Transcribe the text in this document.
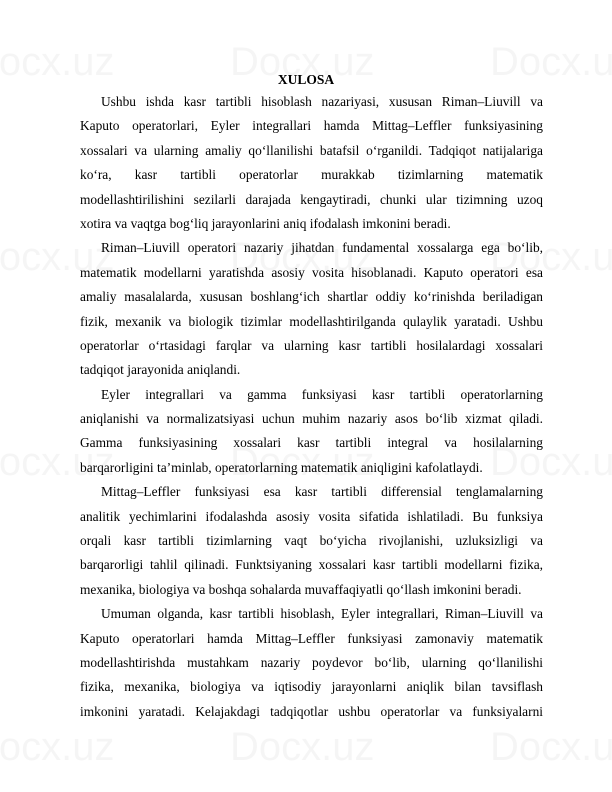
XULOSA
Ushbu ishda kasr tartibli hisoblash nazariyasi, xususan Riman–Liuvill va
Kaputo operatorlari, Eyler integrallari hamda Mittag–Leffler funksiyasining
xossalari va ularning amaliy qo‘llanilishi batafsil o‘rganildi. Tadqiqot natijalariga
ko‘ra, kasr tartibli operatorlar murakkab tizimlarning matematik
modellashtirilishini sezilarli darajada kengaytiradi, chunki ular tizimning uzoq
xotira va vaqtga bog‘liq jarayonlarini aniq ifodalash imkonini beradi.
Riman–Liuvill operatori nazariy jihatdan fundamental xossalarga ega bo‘lib,
matematik modellarni yaratishda asosiy vosita hisoblanadi. Kaputo operatori esa
amaliy masalalarda, xususan boshlang‘ich shartlar oddiy ko‘rinishda beriladigan
fizik, mexanik va biologik tizimlar modellashtirilganda qulaylik yaratadi. Ushbu
operatorlar o‘rtasidagi farqlar va ularning kasr tartibli hosilalardagi xossalari
tadqiqot jarayonida aniqlandi.
Eyler integrallari va gamma funksiyasi kasr tartibli operatorlarning
aniqlanishi va normalizatsiyasi uchun muhim nazariy asos bo‘lib xizmat qiladi.
Gamma funksiyasining xossalari kasr tartibli integral va hosilalarning
barqarorligini ta’minlab, operatorlarning matematik aniqligini kafolatlaydi.
Mittag–Leffler funksiyasi esa kasr tartibli differensial tenglamalarning
analitik yechimlarini ifodalashda asosiy vosita sifatida ishlatiladi. Bu funksiya
orqali kasr tartibli tizimlarning vaqt bo‘yicha rivojlanishi, uzluksizligi va
barqarorligi tahlil qilinadi. Funktsiyaning xossalari kasr tartibli modellarni fizika,
mexanika, biologiya va boshqa sohalarda muvaffaqiyatli qo‘llash imkonini beradi.
Umuman olganda, kasr tartibli hisoblash, Eyler integrallari, Riman–Liuvill va
Kaputo operatorlari hamda Mittag–Leffler funksiyasi zamonaviy matematik
modellashtirishda mustahkam nazariy poydevor bo‘lib, ularning qo‘llanilishi
fizika, mexanika, biologiya va iqtisodiy jarayonlarni aniqlik bilan tavsiflash
imkonini yaratadi. Kelajakdagi tadqiqotlar ushbu operatorlar va funksiyalarni
